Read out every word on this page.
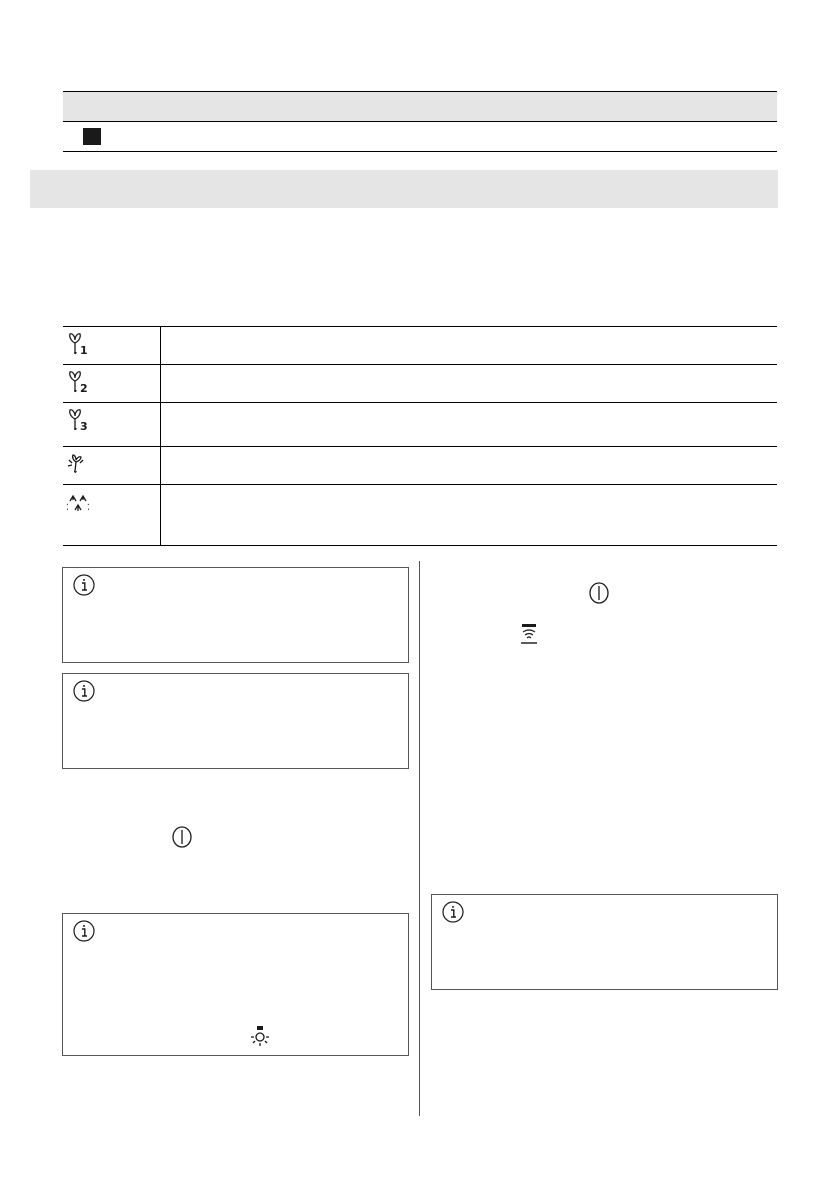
1
2
3
